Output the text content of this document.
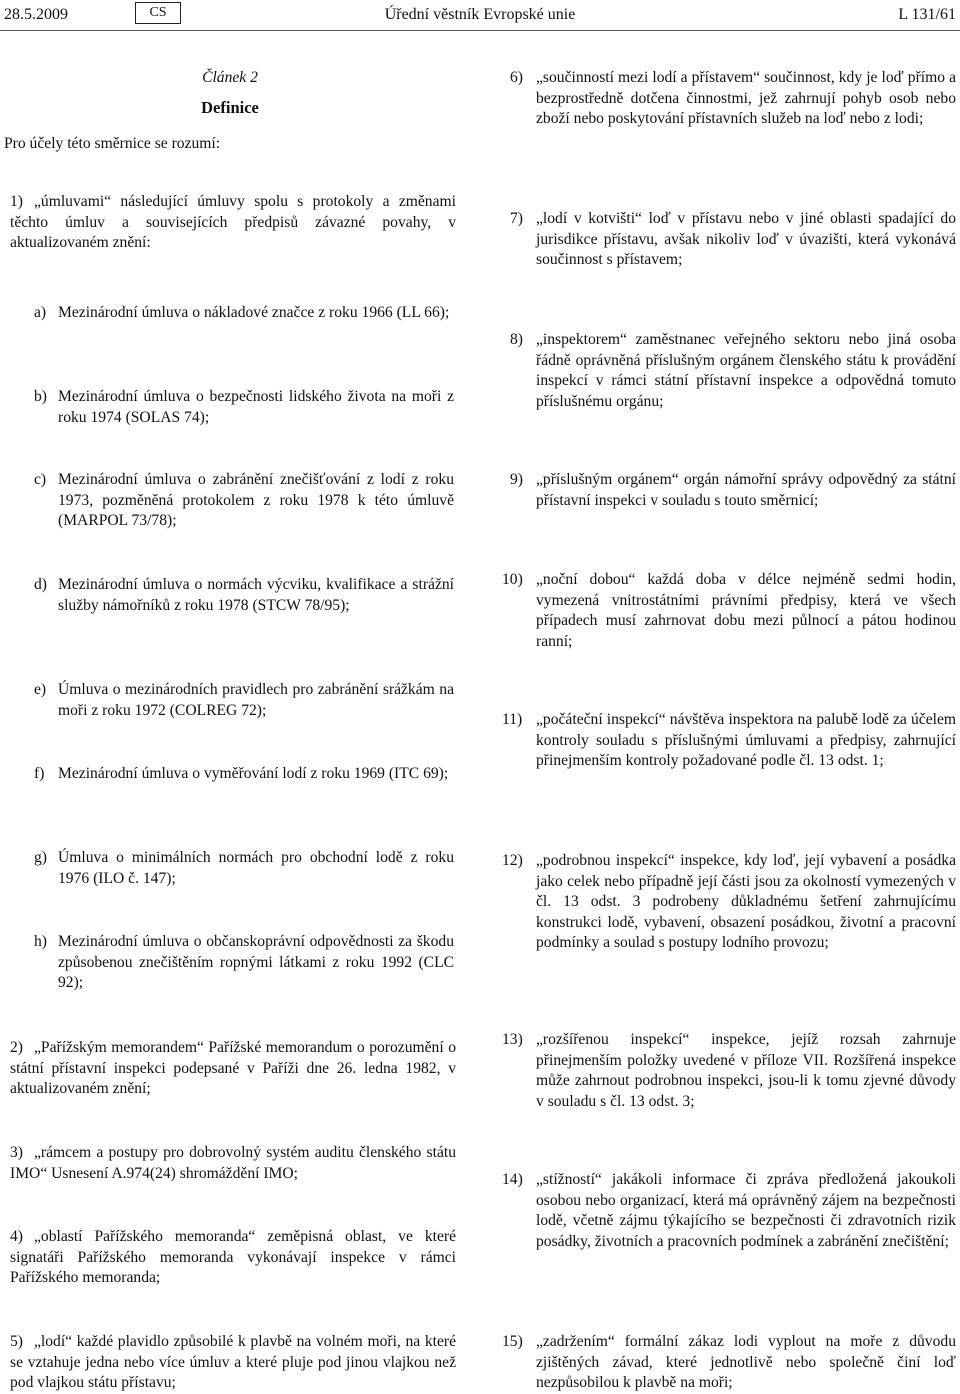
28.5.2009	CS	Úřední věstník Evropské unie	L 131/61
Článek 2
Definice
Pro účely této směrnice se rozumí:
1) „úmluvami“ následující úmluvy spolu s protokoly a změnami těchto úmluv a souvisejících předpisů závazné povahy, v aktualizovaném znění:

a) Mezinárodní úmluva o nákladové značce z roku 1966 (LL 66);

b) Mezinárodní úmluva o bezpečnosti lidského života na moři z roku 1974 (SOLAS 74);

c) Mezinárodní úmluva o zabránění znečišťování z lodí z roku 1973, pozměněná protokolem z roku 1978 k této úmluvě (MARPOL 73/78);

d) Mezinárodní úmluva o normách výcviku, kvalifikace a strážní služby námořníků z roku 1978 (STCW 78/95);

e) Úmluva o mezinárodních pravidlech pro zabránění srážkám na moři z roku 1972 (COLREG 72);

f) Mezinárodní úmluva o vyměřování lodí z roku 1969 (ITC 69);

g) Úmluva o minimálních normách pro obchodní lodě z roku 1976 (ILO č. 147);

h) Mezinárodní úmluva o občanskoprávní odpovědnosti za škodu způsobenou znečištěním ropnými látkami z roku 1992 (CLC 92);

2) „Pařížským memorandem“ Pařížské memorandum o porozumění o státní přístavní inspekci podepsané v Paříži dne 26. ledna 1982, v aktualizovaném znění;

3) „rámcem a postupy pro dobrovolný systém auditu členského státu IMO“ Usnesení A.974(24) shromáždění IMO;

4) „oblastí Pařížského memoranda“ zeměpisná oblast, ve které signatáři Pařížského memoranda vykonávají inspekce v rámci Pařížského memoranda;

5) „lodí“ každé plavidlo způsobilé k plavbě na volném moři, na které se vztahuje jedna nebo více úmluv a které pluje pod jinou vlajkou než pod vlajkou státu přístavu;

6) „součinností mezi lodí a přístavem“ součinnost, kdy je loď přímo a bezprostředně dotčena činnostmi, jež zahrnují pohyb osob nebo zboží nebo poskytování přístavních služeb na loď nebo z lodi;

7) „lodí v kotvišti“ loď v přístavu nebo v jiné oblasti spadající do jurisdikce přístavu, avšak nikoliv loď v úvazišti, která vykonává součinnost s přístavem;

8) „inspektorem“ zaměstnanec veřejného sektoru nebo jiná osoba řádně oprávněná příslušným orgánem členského státu k provádění inspekcí v rámci státní přístavní inspekce a odpovědná tomuto příslušnému orgánu;

9) „příslušným orgánem“ orgán námořní správy odpovědný za státní přístavní inspekci v souladu s touto směrnicí;

10) „noční dobou“ každá doba v délce nejméně sedmi hodin, vymezená vnitrostátními právními předpisy, která ve všech případech musí zahrnovat dobu mezi půlnocí a pátou hodinou ranní;

11) „počáteční inspekcí“ návštěva inspektora na palubě lodě za účelem kontroly souladu s příslušnými úmluvami a předpisy, zahrnující přinejmenším kontroly požadované podle čl. 13 odst. 1;

12) „podrobnou inspekcí“ inspekce, kdy loď, její vybavení a posádka jako celek nebo případně její části jsou za okolností vymezených v čl. 13 odst. 3 podrobeny důkladnému šetření zahrnujícímu konstrukci lodě, vybavení, obsazení posádkou, životní a pracovní podmínky a soulad s postupy lodního provozu;

13) „rozšířenou inspekcí“ inspekce, jejíž rozsah zahrnuje přinejmenším položky uvedené v příloze VII. Rozšířená inspekce může zahrnout podrobnou inspekci, jsou-li k tomu zjevné důvody v souladu s čl. 13 odst. 3;

14) „stížností“ jakákoli informace či zpráva předložená jakoukoli osobou nebo organizací, která má oprávněný zájem na bezpečnosti lodě, včetně zájmu týkajícího se bezpečnosti či zdravotních rizik posádky, životních a pracovních podmínek a zabránění znečištění;

15) „zadržením“ formální zákaz lodi vyplout na moře z důvodu zjištěných závad, které jednotlivě nebo společně činí loď nezpůsobilou k plavbě na moři;
